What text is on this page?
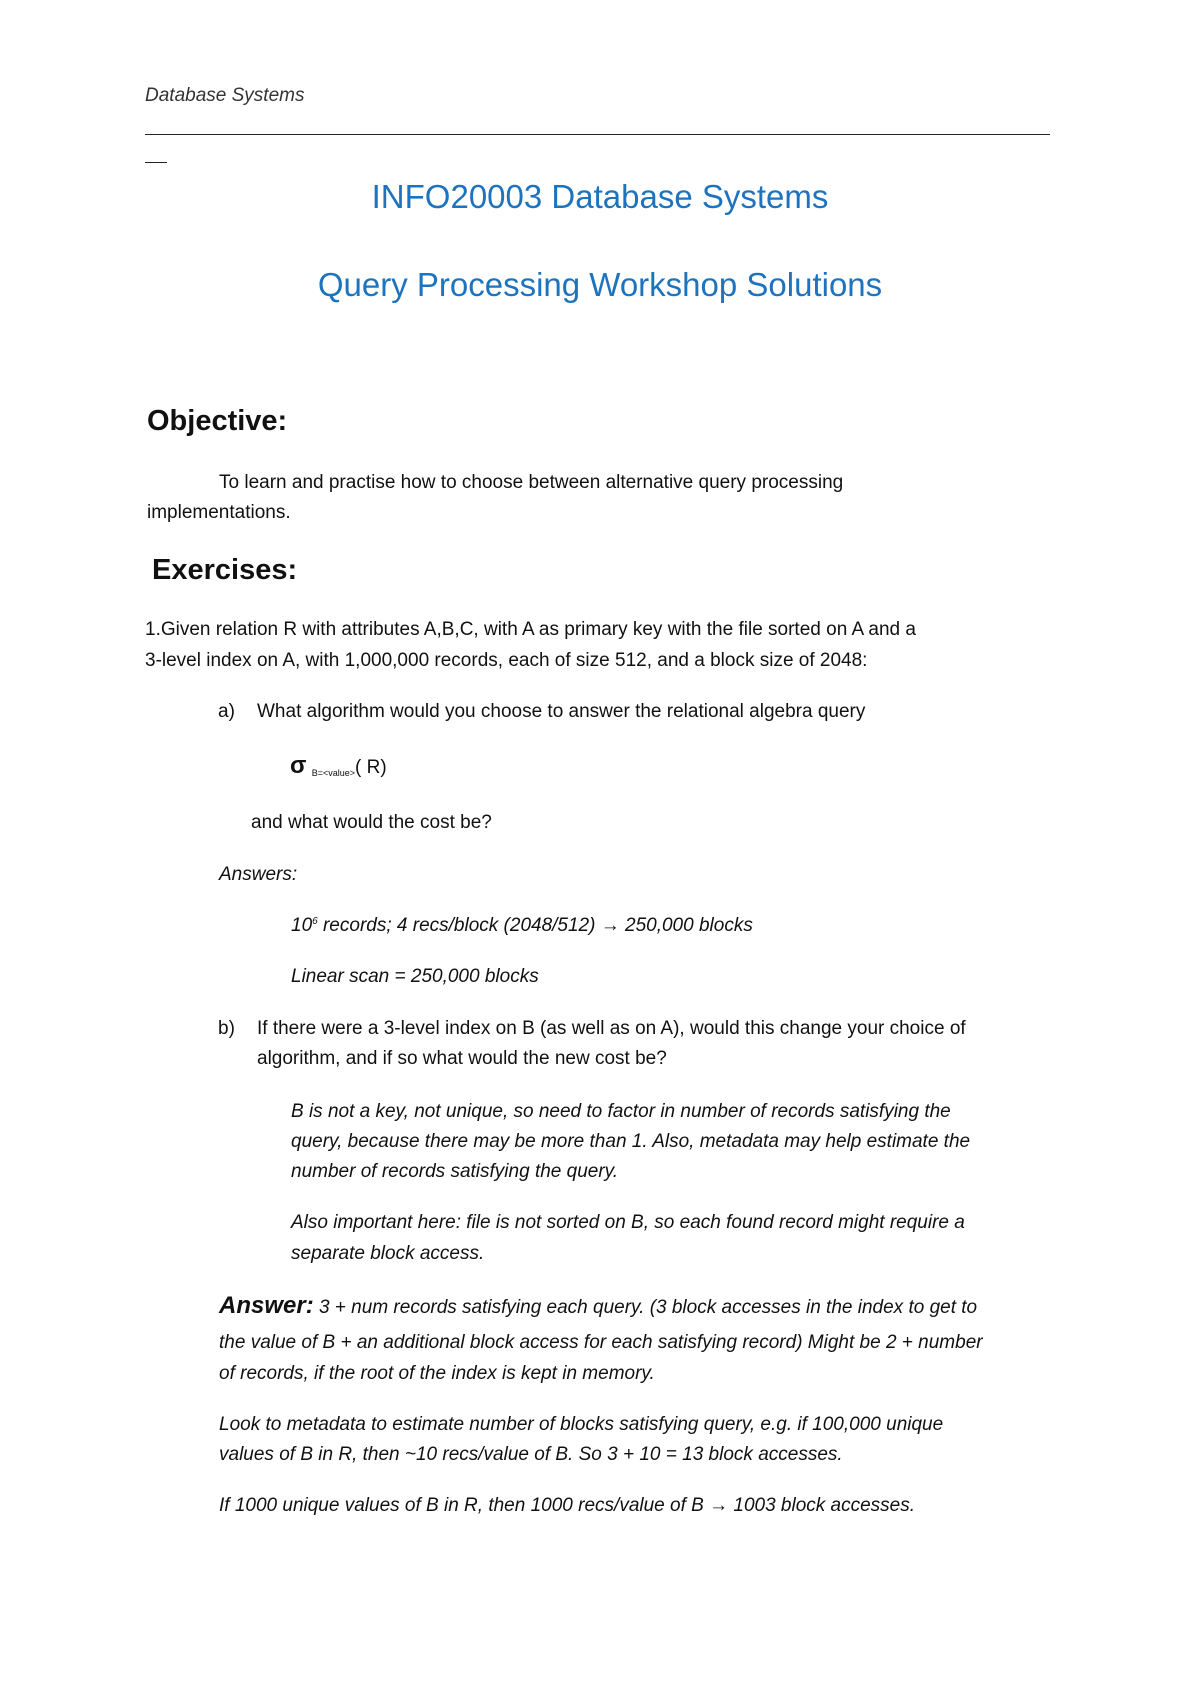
Database Systems
INFO20003 Database Systems
Query Processing Workshop Solutions
Objective:
To learn and practise how to choose between alternative query processing
implementations.
Exercises:
1.Given relation R with attributes A,B,C, with A as primary key with the file sorted on A and a
3-level index on A, with 1,000,000 records, each of size 512, and a block size of 2048:
a) What algorithm would you choose to answer the relational algebra query
σ $_{B=<value>}$( R)
and what would the cost be?
Answers:
$10^6$ records; 4 recs/block (2048/512) → 250,000 blocks
Linear scan = 250,000 blocks
b) If there were a 3-level index on B (as well as on A), would this change your choice of
algorithm, and if so what would the new cost be?
B is not a key, not unique, so need to factor in number of records satisfying the
query, because there may be more than 1. Also, metadata may help estimate the
number of records satisfying the query.
Also important here: file is not sorted on B, so each found record might require a
separate block access.
Answer: 3 + num records satisfying each query. (3 block accesses in the index to get to
the value of B + an additional block access for each satisfying record) Might be 2 + number
of records, if the root of the index is kept in memory.
Look to metadata to estimate number of blocks satisfying query, e.g. if 100,000 unique
values of B in R, then ~10 recs/value of B. So 3 + 10 = 13 block accesses.
If 1000 unique values of B in R, then 1000 recs/value of B → 1003 block accesses.
